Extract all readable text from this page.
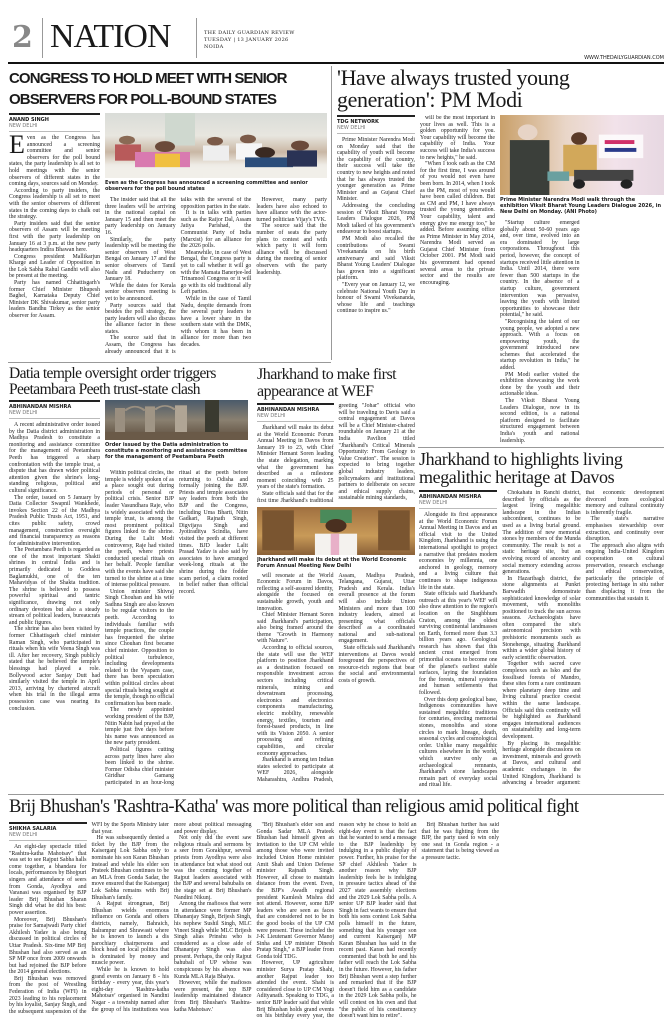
2 NATION	THE DAILY GUARDIAN REVIEW
TUESDAY | 13 JANUARY 2026
NOIDA
WWW.THEDAILYGUARDIAN.COM
CONGRESS TO HOLD MEET WITH SENIOR
OBSERVERS FOR POLL-BOUND STATES
ANAND SINGH
NEW DELHI
E ven as the Congress has announced a screening committee and senior observers for the poll bound states, the party leadership is all set to hold meetings with the senior observers of different states in the coming days, sources said on Monday.

According to party insiders, the Congress leadership is all set to meet with the senior observers of different states in the coming days to chalk out the strategy.

Party insiders said that the senior observers of Assam will be meeting first with the party leadership on January 16 at 3 p.m. at the new party headquarters Indira Bhawan here.

Congress president Mallikarjun Kharge and Leader of Opposition in the Lok Sabha Rahul Gandhi will also be present at the meeting.

Party has named Chhattisgarh's former Chief Minister Bhupesh Baghel, Karnataka Deputy Chief Minister DK Shivakumar, senior party leaders Bandhu Tirkey as the senior observer for Assam.

Even as the Congress has announced a screening committee and senior observers for the poll bound states

The insider said that all the three leaders will be arriving in the national capital on January 15 and then meet the party leadership on January 16.

Similarly, the party leadership will be meeting the senior observers of West Bengal on January 17 and the senior observers of Tamil Nadu and Puducherry on January 18.

While the dates for Kerala senior observers meeting is yet to be announced.

Party sources said that besides the poll strategy, the party leaders will also discuss the alliance factor in these states.

The source said that in Assam, the Congress has already announced that it is talks with the several of the opposition parties in the state.

It is in talks with parties such as the Raijor Dal, Assam Jatiya Parishad, the Communist Party of India (Marxist) for an alliance for the 2026 polls.

Meanwhile, in case of West Bengal, the Congress party is yet to call whether it will go with the Mamata Banerjee-led Trinamool Congress or it will go with its old traditional ally Left parties.

While in the case of Tamil Nadu, despite demands from the several party leaders to have a lower share in the southern state with the DMK, with whom it has been in alliance for more than two decades.

However, many party leaders have also echoed to have alliance with the actor-turned politician Vijay's TVK.

The source said that the number of seats the party plans to contest and with which party it will form alliance will be discussed during the meeting of senior observers with the party leadership.

'Have always trusted young generation': PM Modi
TDG NETWORK
NEW DELHI

Prime Minister Narendra Modi on Monday said that the capability of youth will become the capability of the country, their success will take the country to new heights and noted that he has always trusted the younger generation as Prime Minister and as Gujarat Chief Minister.

Addressing the concluding session of Viksit Bharat Young Leaders Dialogue 2026, PM Modi talked of his government's endeavour to boost startups.

PM Modi also recalled the contributions of Swami Vivekananda on his birth anniversary and said Viksit Bharat Young Leaders' Dialogue has grown into a significant platform.

"Every year on January 12, we celebrate National Youth Day in honour of Swami Vivekananda, whose life and teachings continue to inspire us."

will be the most important in your lives as well. This is a golden opportunity for you. Your capability will become the capability of India. Your success will take India's success to new heights," he said.

"When I took oath as the CM for the first time, I was around of you would not even have been born. In 2014, when I took as the PM, most of you would have been called children. But as CM and PM, I have always trusted the young generation. Your capability, talent and energy give me energy too," he added. Before assuming office as Prime Minister in May 2014, Narendra Modi served as Gujarat Chief Minister from October 2001. PM Modi said his government had opened several areas to the private sector and the results are encouraging.

Prime Minister Narendra Modi walk through the exhibition Viksit Bharat Young Leaders Dialogue 2026, in New Delhi on Monday. (ANI Photo)

"Startup culture emerged globally about 50-60 years ago and, over time, evolved into an era dominated by large corporations. Throughout this period, however, the concept of startups received little attention in India. Until 2014, there were fewer than 500 startups in the country. In the absence of a startup culture, government intervention was pervasive, leaving the youth with limited opportunities to showcase their potential," he said.

"Recognising the talent of our young people, we adopted a new approach. With a focus on empowering youth, the government introduced new schemes that accelerated the startup revolution in India," he added.

PM Modi earlier visited the exhibition showcasing the work done by the youth and their actionable ideas.

The Viksit Bharat Young Leaders Dialogue, now in its second edition, is a national platform designed to facilitate structured engagement between India's youth and national leadership.

Datia temple oversight order triggers Peetambara Peeth trust-state clash
ABHINANDAN MISHRA
NEW DELHI

A recent administrative order issued by the Datia district administration in Madhya Pradesh to constitute a monitoring and assistance committee for the management of Peetambara Peeth has triggered a sharp confrontation with the temple trust, a dispute that has drawn wider political attention given the shrine's long-standing religious, political and cultural significance.

The order, issued on 5 January by Datia Collector Swapnil Wankhede, invokes Section 22 of the Madhya Pradesh Public Trusts Act, 1951, and cites public safety, crowd management, construction oversight and financial transparency as reasons for administrative intervention.

The Peetambara Peeth is regarded as one of the most important Shakti shrines in central India and is primarily dedicated to Goddess Baglamukhi, one of the ten Mahavidyas of the Shakta tradition. The shrine is believed to possess powerful spiritual and tantric significance, drawing not only ordinary devotees but also a steady stream of political leaders, bureaucrats and public figures.

The shrine has also been visited by former Chhattisgarh chief minister Raman Singh, who participated in rituals when his wife Veena Singh was ill. After her recovery, Singh publicly stated that he believed the temple's blessings had played a role. Bollywood actor Sanjay Dutt had similarly visited the temple in April 2013, arriving by chartered aircraft when his trial in the illegal arms possession case was nearing its conclusion.

Order issued by the Datia administration to constitute a monitoring and assistance committee for the management of Peetambara Peeth

Within political circles, the temple is widely spoken of as a place sought out during periods of personal or political crisis. Senior BJP leader Vasundhara Raje, who is widely associated with the temple trust, is among the most prominent political figures linked to the shrine. During the Lalit Modi controversy, Raje had visited the peeth, where priests conducted special rituals on her behalf. People familiar with the events have said she turned to the shrine at a time of intense political pressure.

Union minister Shivraj Singh Chouhan and his wife Sadhna Singh are also known to be regular visitors to the peeth. According to individuals familiar with temple practices, the couple has frequented the shrine since Chouhan first became chief minister. Opposition to political turbulence, including developments related to the Vyapam case, there has been speculation within political circles about special rituals being sought at the temple, though no official confirmation has been made.

The newly appointed working president of the BJP, Nitin Nabin had prayed at the temple just five days before his name was announced as the new party president.

Political figures cutting across party lines have also been linked to the shrine. Former Odisha chief minister Giridhar Gamang participated in an hour-long ritual at the peeth before returning to Odisha and formally joining the BJP. Priests and temple associates say leaders from both the BJP and the Congress, including Uma Bharti, Nitin Gadkari, Rajnath Singh, Digvijaya Singh and Jyotiraditya Scindia, have visited the peeth at different times. BJD leader Lalit Prasad Yadav is also said by associates to have arranged week-long rituals at the shrine during the fodder scam period, a claim rooted in belief rather than official record.

Jharkhand to make first appearance at WEF
ABHINANDAN MISHRA
NEW DELHI

Jharkhand will make its debut at the World Economic Forum Annual Meeting in Davos from January 19 to 23, with Chief Minister Hemant Soren leading the state delegation, marking what the government has described as a milestone moment coinciding with 25 years of the state's formation.

State officials said that for the first time Jharkhand's traditional greeting "Johar" official who will be traveling to Davis said a central engagement at Davos will be a Chief Minister-chaired roundtable on January 21 at the India Pavilion titled "Jharkhand's Critical Minerals Opportunity: From Geology to Value Creation". The session is expected to bring together global industry leaders, policymakers and institutional partners to deliberate on secure and ethical supply chains, sustainable mining standards,

Jharkhand will make its debut at the World Economic Forum Annual Meeting New Delhi

will resonate at the World Economic Forum in Davos, reflecting a self-assured identity, alongside the focused on sustainable growth, youth and innovation.

Chief Minister Hemant Soren said Jharkhand's participation, also being framed around the theme "Growth in Harmony with Nature".

According to official sources, the state will use the WEF platform to position Jharkhand as a destination focused on responsible investment across sectors including critical minerals, mining and downstream processing, electronics and electronics components manufacturing, electric mobility, renewable energy, textiles, tourism and forest-based products, in line with its Vision 2050. A senior processing and refining capabilities, and circular economy approaches.

Jharkhand is among ten Indian states selected to participate at WEF 2026, alongside Maharashtra, Andhra Pradesh, Assam, Madhya Pradesh, Telangana, Gujarat, Uttar Pradesh and Kerala. India's overall presence at the forum will also include Union Ministers and more than 100 industry leaders, aimed at presenting what officials described as a coordinated national and sub-national engagement.

State officials said Jharkhand's interventions at Davos would foreground the perspectives of resource-rich regions that bear the social and environmental costs of growth.

Jharkhand to highlights living megalithic heritage at Davos
ABHINANDAN MISHRA
NEW DELHI

Alongside its first appearance at the World Economic Forum Annual Meeting in Davos and an official visit to the United Kingdom, Jharkhand is using the international spotlight to project a narrative that predates modern economies by millennia, one anchored in geology, memory and a living culture that continues to shape indigenous life in the state.

State officials said Jharkhand's outreach at this year's WEF will also draw attention to the region's location on the Singhbhum Craton, among the oldest surviving continental landmasses on Earth, formed more than 3.3 billion years ago. Geological research has shown that this ancient crust emerged from primordial oceans to become one of the planet's earliest stable surfaces, laying the foundation for the forests, mineral systems and human settlements that followed.

Over this deep geological base, Indigenous communities have sustained megalithic traditions for centuries, erecting memorial stones, monoliths and stone circles to mark lineage, death, seasonal cycles and cosmological order. Unlike many megalithic cultures elsewhere in the world, which survive only as archaeological remnants, Jharkhand's stone landscapes remain part of everyday social and ritual life.

Chokahatu in Ranchi district, described by officials as the largest living megalithic landscape in the Indian subcontinent, continues to be used as a living burial ground. The addition of new memorial stones by members of the Munda community. The result is not a static heritage site, but an evolving record of ancestry and social memory extending across generations.

In Hazaribagh district, the stone alignments at Punkri Barwadih demonstrate sophisticated knowledge of solar movement, with monoliths positioned to track the sun across seasons. Archaeologists have often compared the site's astronomical precision with prehistoric monuments such as Stonehenge, situating Jharkhand within a wider global history of early scientific observation.

Together with sacred cave complexes such as Isko and the fossilised forests of Mandro, these sites form a rare continuum where planetary deep time and living cultural practice coexist within the same landscape. Officials said this continuity will be highlighted as Jharkhand engages international audiences on sustainability and long-term development.

By placing its megalithic heritage alongside discussions on investment, minerals and growth at Davos, and cultural and academic exchanges in the United Kingdom, Jharkhand is advancing a broader argument: that economic development divorced from ecological memory and cultural continuity is inherently fragile.

The state's narrative emphasises stewardship over extraction, and continuity over disruption.

The approach also aligns with ongoing India-United Kingdom cooperation on cultural preservation, research exchange and ethical conservation, particularly the principle of protecting heritage in situ rather than displacing it from the communities that sustain it.

Brij Bhushan's 'Rashtra-Katha' was more political than religious amid political fight
SHIKHA SALARIA
NEW DELHI

An eight-day spectacle titled "Rashtra-katha Mahotsav" that was set to see Rajput Sabha halls come together, a bhandara for locals, performances by Bhojpuri singers and attendance of seers from Gonda, Ayodhya and Varanasi was organised by BJP leader Brij Bhushan Sharan Singh did what he did his best: power assertion.

Moreover, Brij Bhushan's praise for Samajwadi Party chief Akhilesh Yadav is also being discussed in political circles of Uttar Pradesh. Six-time MP Brij Bhushan had also served as an SP MP once from 2009 onwards but had rejoined the BJP before the 2014 general elections.

Brij Bhushan was removed from the post of Wrestling Federation of India (WFI) in 2023 leading to his replacement by his loyalist, Sanjay Singh, and the subsequent suspension of the WFI by the Sports Ministry later that year.

He was subsequently denied a ticket by the BJP from the Kaiserganj Lok Sabha only to nominate his son Karan Bhushan instead and while his elder son Prateek Bhushan continues to be an MLA from Gonda Sadar, the move ensured that the Kaiserganj Lok Sabha remains with Brij Bhushan's family.

A Rajput strongman, Brij Bhushan wields enormous influence on Gonda and others districts, namely, Bahraich, Balrampur and Shrawasti where he is known to launch a dis parochiary chairpersons and block head on local politics that is dominated by money and muscle power.

While he is known to hold grand events on January 8 - his birthday - every year, this year's eight-day 'Rashtra-katha Mahotsav' organised in Nandini Nagar - a township named after the group of his institutions was more about political messaging and power display.

Not only did the event saw religious rituals and sermons by a seer from Gorakhpur, several priests from Ayodhya were also in attendance but what stood out was the coming together of Rajput leaders associated with the BJP and several bahubalis on the stage set at Brij Bhushan's Nandini Nikunj.

Among the mafiosos that were in attendance were former MP Dhananjay Singh, Brijesh Singh, his nephew Sushil Singh, MLC Vineet Singh while MLC Brijesh Singh alias Prinshu who is considered as a close aide of Dhananjay Singh was also present. Perhaps, the only Rajput bahubali of UP whose was conspicuous by his absence was Kunda MLA Raja Bhaiya.

However, while the mafiosos were present, the top BJP leadership maintained distance from Brij Bhushan's 'Rashtra-katha Mahotsav.'

"Brij Bhushan's elder son and Gonda Sadar MLA Prateek Bhushan had himself given an invitation to the UP CM while among those who were invited included Union Home minister Amit Shah and Union Defense minister Rajnath Singh. However, all chose to maintain distance from the event. Even, the BJP's Awadh regional president Kamlesh Mishra did not attend. However, some BJP leaders who are seen as faces that are considered not to be in the good books of the UP CM were present. These included the J-K Lieutenant Governor Manoj Sinha and UP minister Dinesh Pratap Singh," a BJP leader from Gonda told TDG.

However, UP agriculture minister Surya Pratap Shahi, another Rajput leader too attended the event. Shahi is considered close to UP CM Yogi Adityanath. Speaking to TDG, a senior BJP leader said that while Brij Bhushan holds grand events on his birthday every year, the reason why he chose to hold an eight-day event is that the fact that he wanted to send a message to the BJP leadership by indulging in a public display of power. Further, his praise for the SP chief Akhilesh Yadav is another reason why BJP leadership feels he is indulging in pressure tactics ahead of the 2027 state assembly elections and the 2029 Lok Sabha polls. A senior UP BJP leader said that Singh in fact wants to ensure that both his sons contest Lok Sabha polls himself in the future, something that his younger son and current Kaiserganj MP Karan Bhushan has said in the recent past. Karan had recently commented that both he and his father will reach the Lok Sabha in the future. However, his father Brij Bhushan went a step further and remarked that if the BJP doesn't field him as a candidate in the 2029 Lok Sabha polls, he will contest on his own and that "the public of his constituency doesn't want him to retire".

Brij Bhushan further has said that he was fighting from the BJP, the party used to win only one seat in Gonda region - a statement that is being viewed as a pressure tactic.
